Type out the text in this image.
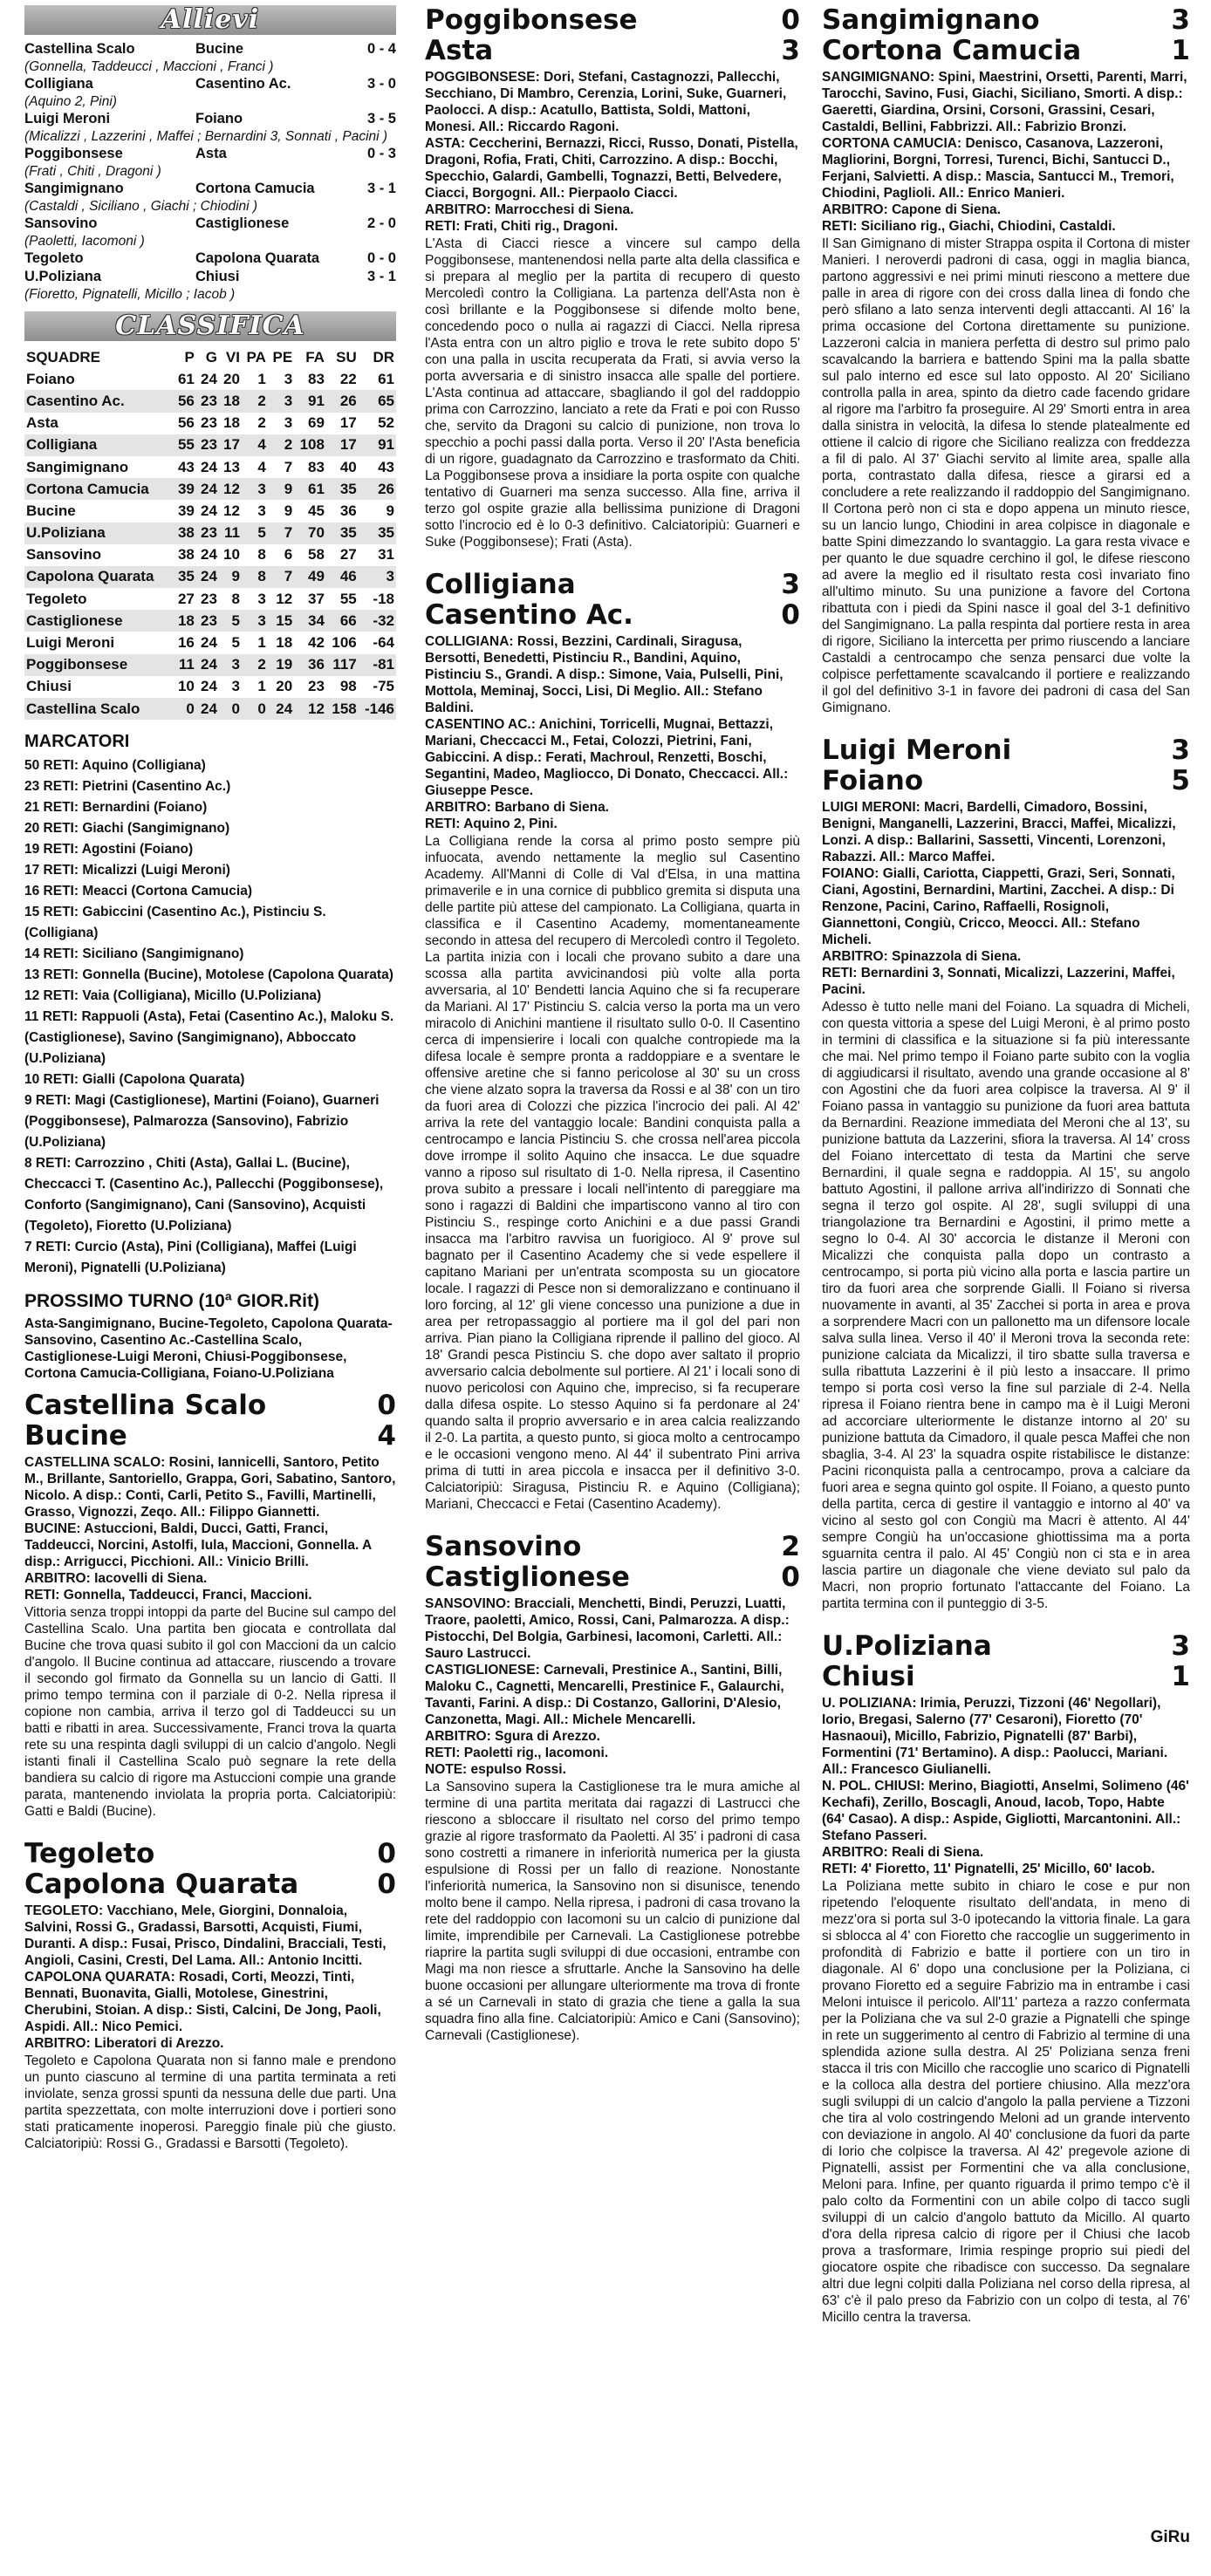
Allievi
Castellina Scalo	Bucine	0 - 4
(Gonnella, Taddeucci , Maccioni , Franci )
Colligiana	Casentino Ac.	3 - 0
(Aquino 2, Pini)
Luigi Meroni	Foiano	3 - 5
(Micalizzi , Lazzerini , Maffei ; Bernardini 3, Sonnati , Pacini )
Poggibonsese	Asta	0 - 3
(Frati , Chiti , Dragoni )
Sangimignano	Cortona Camucia	3 - 1
(Castaldi , Siciliano , Giachi ; Chiodini )
Sansovino	Castiglionese	2 - 0
(Paoletti, Iacomoni )
Tegoleto	Capolona Quarata	0 - 0
U.Poliziana	Chiusi	3 - 1
(Fioretto, Pignatelli, Micillo ; Iacob )
CLASSIFICA
SQUADRE	P	G	VI	PA	PE	FA	SU	DR
Foiano	61	24	20	1	3	83	22	61
Casentino Ac.	56	23	18	2	3	91	26	65
Asta	56	23	18	2	3	69	17	52
Colligiana	55	23	17	4	2	108	17	91
Sangimignano	43	24	13	4	7	83	40	43
Cortona Camucia	39	24	12	3	9	61	35	26
Bucine	39	24	12	3	9	45	36	9
U.Poliziana	38	23	11	5	7	70	35	35
Sansovino	38	24	10	8	6	58	27	31
Capolona Quarata	35	24	9	8	7	49	46	3
Tegoleto	27	23	8	3	12	37	55	-18
Castiglionese	18	23	5	3	15	34	66	-32
Luigi Meroni	16	24	5	1	18	42	106	-64
Poggibonsese	11	24	3	2	19	36	117	-81
Chiusi	10	24	3	1	20	23	98	-75
Castellina Scalo	0	24	0	0	24	12	158	-146
MARCATORI
50 RETI: Aquino (Colligiana)
23 RETI: Pietrini (Casentino Ac.)
21 RETI: Bernardini (Foiano)
20 RETI: Giachi (Sangimignano)
19 RETI: Agostini (Foiano)
17 RETI: Micalizzi (Luigi Meroni)
16 RETI: Meacci (Cortona Camucia)
15 RETI: Gabiccini (Casentino Ac.), Pistinciu S. (Colligiana)
14 RETI: Siciliano (Sangimignano)
13 RETI: Gonnella (Bucine), Motolese (Capolona Quarata)
12 RETI: Vaia (Colligiana), Micillo (U.Poliziana)
11 RETI: Rappuoli (Asta), Fetai (Casentino Ac.), Maloku S. (Castiglionese), Savino (Sangimignano), Abboccato (U.Poliziana)
10 RETI: Gialli (Capolona Quarata)
9 RETI: Magi (Castiglionese), Martini (Foiano), Guarneri (Poggibonsese), Palmarozza (Sansovino), Fabrizio (U.Poliziana)
8 RETI: Carrozzino , Chiti (Asta), Gallai L. (Bucine), Checcacci T. (Casentino Ac.), Pallecchi (Poggibonsese), Conforto (Sangimignano), Cani (Sansovino), Acquisti (Tegoleto), Fioretto (U.Poliziana)
7 RETI: Curcio (Asta), Pini (Colligiana), Maffei (Luigi Meroni), Pignatelli (U.Poliziana)
PROSSIMO TURNO (10ª GIOR.Rit)
Asta-Sangimignano, Bucine-Tegoleto, Capolona Quarata-Sansovino, Casentino Ac.-Castellina Scalo, Castiglionese-Luigi Meroni, Chiusi-Poggibonsese, Cortona Camucia-Colligiana, Foiano-U.Poliziana
Castellina Scalo	0
Bucine	4
CASTELLINA SCALO: Rosini, Iannicelli, Santoro, Petito M., Brillante, Santoriello, Grappa, Gori, Sabatino, Santoro, Nicolo. A disp.: Conti, Carli, Petito S., Favilli, Martinelli, Grasso, Vignozzi, Zeqo. All.: Filippo Giannetti.
BUCINE: Astuccioni, Baldi, Ducci, Gatti, Franci, Taddeucci, Norcini, Astolfi, Iula, Maccioni, Gonnella. A disp.: Arrigucci, Picchioni. All.: Vinicio Brilli.
ARBITRO: Iacovelli di Siena.
RETI: Gonnella, Taddeucci, Franci, Maccioni.
Vittoria senza troppi intoppi da parte del Bucine sul campo del Castellina Scalo. Una partita ben giocata e controllata dal Bucine che trova quasi subito il gol con Maccioni da un calcio d'angolo. Il Bucine continua ad attaccare, riuscendo a trovare il secondo gol firmato da Gonnella su un lancio di Gatti. Il primo tempo termina con il parziale di 0-2. Nella ripresa il copione non cambia, arriva il terzo gol di Taddeucci su un batti e ribatti in area. Successivamente, Franci trova la quarta rete su una respinta dagli sviluppi di un calcio d'angolo. Negli istanti finali il Castellina Scalo può segnare la rete della bandiera su calcio di rigore ma Astuccioni compie una grande parata, mantenendo inviolata la propria porta. Calciatoripiù: Gatti e Baldi (Bucine).
Tegoleto	0
Capolona Quarata	0
TEGOLETO: Vacchiano, Mele, Giorgini, Donnaloia, Salvini, Rossi G., Gradassi, Barsotti, Acquisti, Fiumi, Duranti. A disp.: Fusai, Prisco, Dindalini, Bracciali, Testi, Angioli, Casini, Cresti, Del Lama. All.: Antonio Incitti.
CAPOLONA QUARATA: Rosadi, Corti, Meozzi, Tinti, Bennati, Buonavita, Gialli, Motolese, Ginestrini, Cherubini, Stoian. A disp.: Sisti, Calcini, De Jong, Paoli, Aspidi. All.: Nico Pemici.
ARBITRO: Liberatori di Arezzo.
Tegoleto e Capolona Quarata non si fanno male e prendono un punto ciascuno al termine di una partita terminata a reti inviolate, senza grossi spunti da nessuna delle due parti. Una partita spezzettata, con molte interruzioni dove i portieri sono stati praticamente inoperosi. Pareggio finale più che giusto. Calciatoripiù: Rossi G., Gradassi e Barsotti (Tegoleto).
Poggibonsese	0
Asta	3
POGGIBONSESE: Dori, Stefani, Castagnozzi, Pallecchi, Secchiano, Di Mambro, Cerenzia, Lorini, Suke, Guarneri, Paolocci. A disp.: Acatullo, Battista, Soldi, Mattoni, Monesi. All.: Riccardo Ragoni.
ASTA: Ceccherini, Bernazzi, Ricci, Russo, Donati, Pistella, Dragoni, Rofia, Frati, Chiti, Carrozzino. A disp.: Bocchi, Specchio, Galardi, Gambelli, Tognazzi, Betti, Belvedere, Ciacci, Borgogni. All.: Pierpaolo Ciacci.
ARBITRO: Marrocchesi di Siena.
RETI: Frati, Chiti rig., Dragoni.
L'Asta di Ciacci riesce a vincere sul campo della Poggibonsese, mantenendosi nella parte alta della classifica e si prepara al meglio per la partita di recupero di questo Mercoledì contro la Colligiana. La partenza dell'Asta non è così brillante e la Poggibonsese si difende molto bene, concedendo poco o nulla ai ragazzi di Ciacci. Nella ripresa l'Asta entra con un altro piglio e trova le rete subito dopo 5' con una palla in uscita recuperata da Frati, si avvia verso la porta avversaria e di sinistro insacca alle spalle del portiere. L'Asta continua ad attaccare, sbagliando il gol del raddoppio prima con Carrozzino, lanciato a rete da Frati e poi con Russo che, servito da Dragoni su calcio di punizione, non trova lo specchio a pochi passi dalla porta. Verso il 20' l'Asta beneficia di un rigore, guadagnato da Carrozzino e trasformato da Chiti. La Poggibonsese prova a insidiare la porta ospite con qualche tentativo di Guarneri ma senza successo. Alla fine, arriva il terzo gol ospite grazie alla bellissima punizione di Dragoni sotto l'incrocio ed è lo 0-3 definitivo. Calciatoripiù: Guarneri e Suke (Poggibonsese); Frati (Asta).
Colligiana	3
Casentino Ac.	0
COLLIGIANA: Rossi, Bezzini, Cardinali, Siragusa, Bersotti, Benedetti, Pistinciu R., Bandini, Aquino, Pistinciu S., Grandi. A disp.: Simone, Vaia, Pulselli, Pini, Mottola, Meminaj, Socci, Lisi, Di Meglio. All.: Stefano Baldini.
CASENTINO AC.: Anichini, Torricelli, Mugnai, Bettazzi, Mariani, Checcacci M., Fetai, Colozzi, Pietrini, Fani, Gabiccini. A disp.: Ferati, Machroul, Renzetti, Boschi, Segantini, Madeo, Magliocco, Di Donato, Checcacci. All.: Giuseppe Pesce.
ARBITRO: Barbano di Siena.
RETI: Aquino 2, Pini.
La Colligiana rende la corsa al primo posto sempre più infuocata, avendo nettamente la meglio sul Casentino Academy. All'Manni di Colle di Val d'Elsa, in una mattina primaverile e in una cornice di pubblico gremita si disputa una delle partite più attese del campionato. La Colligiana, quarta in classifica e il Casentino Academy, momentaneamente secondo in attesa del recupero di Mercoledì contro il Tegoleto. La partita inizia con i locali che provano subito a dare una scossa alla partita avvicinandosi più volte alla porta avversaria, al 10' Bendetti lancia Aquino che si fa recuperare da Mariani. Al 17' Pistinciu S. calcia verso la porta ma un vero miracolo di Anichini mantiene il risultato sullo 0-0. Il Casentino cerca di impensierire i locali con qualche contropiede ma la difesa locale è sempre pronta a raddoppiare e a sventare le offensive aretine che si fanno pericolose al 30' su un cross che viene alzato sopra la traversa da Rossi e al 38' con un tiro da fuori area di Colozzi che pizzica l'incrocio dei pali. Al 42' arriva la rete del vantaggio locale: Bandini conquista palla a centrocampo e lancia Pistinciu S. che crossa nell'area piccola dove irrompe il solito Aquino che insacca. Le due squadre vanno a riposo sul risultato di 1-0. Nella ripresa, il Casentino prova subito a pressare i locali nell'intento di pareggiare ma sono i ragazzi di Baldini che impartiscono vanno al tiro con Pistinciu S., respinge corto Anichini e a due passi Grandi insacca ma l'arbitro ravvisa un fuorigioco. Al 9' prove sul bagnato per il Casentino Academy che si vede espellere il capitano Mariani per un'entrata scomposta su un giocatore locale. I ragazzi di Pesce non si demoralizzano e continuano il loro forcing, al 12' gli viene concesso una punizione a due in area per retropassaggio al portiere ma il gol del pari non arriva. Pian piano la Colligiana riprende il pallino del gioco. Al 18' Grandi pesca Pistinciu S. che dopo aver saltato il proprio avversario calcia debolmente sul portiere. Al 21' i locali sono di nuovo pericolosi con Aquino che, impreciso, si fa recuperare dalla difesa ospite. Lo stesso Aquino si fa perdonare al 24' quando salta il proprio avversario e in area calcia realizzando il 2-0. La partita, a questo punto, si gioca molto a centrocampo e le occasioni vengono meno. Al 44' il subentrato Pini arriva prima di tutti in area piccola e insacca per il definitivo 3-0. Calciatoripiù: Siragusa, Pistinciu R. e Aquino (Colligiana); Mariani, Checcacci e Fetai (Casentino Academy).
Sansovino	2
Castiglionese	0
SANSOVINO: Bracciali, Menchetti, Bindi, Peruzzi, Luatti, Traore, paoletti, Amico, Rossi, Cani, Palmarozza. A disp.: Pistocchi, Del Bolgia, Garbinesi, Iacomoni, Carletti. All.: Sauro Lastrucci.
CASTIGLIONESE: Carnevali, Prestinice A., Santini, Billi, Maloku C., Cagnetti, Mencarelli, Prestinice F., Galaurchi, Tavanti, Farini. A disp.: Di Costanzo, Gallorini, D'Alesio, Canzonetta, Magi. All.: Michele Mencarelli.
ARBITRO: Sgura di Arezzo.
RETI: Paoletti rig., Iacomoni.
NOTE: espulso Rossi.
La Sansovino supera la Castiglionese tra le mura amiche al termine di una partita meritata dai ragazzi di Lastrucci che riescono a sbloccare il risultato nel corso del primo tempo grazie al rigore trasformato da Paoletti. Al 35' i padroni di casa sono costretti a rimanere in inferiorità numerica per la giusta espulsione di Rossi per un fallo di reazione. Nonostante l'inferiorità numerica, la Sansovino non si disunisce, tenendo molto bene il campo. Nella ripresa, i padroni di casa trovano la rete del raddoppio con Iacomoni su un calcio di punizione dal limite, imprendibile per Carnevali. La Castiglionese potrebbe riaprire la partita sugli sviluppi di due occasioni, entrambe con Magi ma non riesce a sfruttarle. Anche la Sansovino ha delle buone occasioni per allungare ulteriormente ma trova di fronte a sé un Carnevali in stato di grazia che tiene a galla la sua squadra fino alla fine. Calciatoripiù: Amico e Cani (Sansovino); Carnevali (Castiglionese).
Sangimignano	3
Cortona Camucia	1
SANGIMIGNANO: Spini, Maestrini, Orsetti, Parenti, Marri, Tarocchi, Savino, Fusi, Giachi, Siciliano, Smorti. A disp.: Gaeretti, Giardina, Orsini, Corsoni, Grassini, Cesari, Castaldi, Bellini, Fabbrizzi. All.: Fabrizio Bronzi.
CORTONA CAMUCIA: Denisco, Casanova, Lazzeroni, Magliorini, Borgni, Torresi, Turenci, Bichi, Santucci D., Ferjani, Salvietti. A disp.: Mascia, Santucci M., Tremori, Chiodini, Paglioli. All.: Enrico Manieri.
ARBITRO: Capone di Siena.
RETI: Siciliano rig., Giachi, Chiodini, Castaldi.
Il San Gimignano di mister Strappa ospita il Cortona di mister Manieri. I neroverdi padroni di casa, oggi in maglia bianca, partono aggressivi e nei primi minuti riescono a mettere due palle in area di rigore con dei cross dalla linea di fondo che però sfilano a lato senza interventi degli attaccanti. Al 16' la prima occasione del Cortona direttamente su punizione. Lazzeroni calcia in maniera perfetta di destro sul primo palo scavalcando la barriera e battendo Spini ma la palla sbatte sul palo interno ed esce sul lato opposto. Al 20' Siciliano controlla palla in area, spinto da dietro cade facendo gridare al rigore ma l'arbitro fa proseguire. Al 29' Smorti entra in area dalla sinistra in velocità, la difesa lo stende platealmente ed ottiene il calcio di rigore che Siciliano realizza con freddezza a fil di palo. Al 37' Giachi servito al limite area, spalle alla porta, contrastato dalla difesa, riesce a girarsi ed a concludere a rete realizzando il raddoppio del Sangimignano. Il Cortona però non ci sta e dopo appena un minuto riesce, su un lancio lungo, Chiodini in area colpisce in diagonale e batte Spini dimezzando lo svantaggio. La gara resta vivace e per quanto le due squadre cerchino il gol, le difese riescono ad avere la meglio ed il risultato resta così invariato fino all'ultimo minuto. Su una punizione a favore del Cortona ribattuta con i piedi da Spini nasce il goal del 3-1 definitivo del Sangimignano. La palla respinta dal portiere resta in area di rigore, Siciliano la intercetta per primo riuscendo a lanciare Castaldi a centrocampo che senza pensarci due volte la colpisce perfettamente scavalcando il portiere e realizzando il gol del definitivo 3-1 in favore dei padroni di casa del San Gimignano.
Luigi Meroni	3
Foiano	5
LUIGI MERONI: Macri, Bardelli, Cimadoro, Bossini, Benigni, Manganelli, Lazzerini, Bracci, Maffei, Micalizzi, Lonzi. A disp.: Ballarini, Sassetti, Vincenti, Lorenzoni, Rabazzi. All.: Marco Maffei.
FOIANO: Gialli, Cariotta, Ciappetti, Grazi, Seri, Sonnati, Ciani, Agostini, Bernardini, Martini, Zacchei. A disp.: Di Renzone, Pacini, Carino, Raffaelli, Rosignoli, Giannettoni, Congiù, Cricco, Meocci. All.: Stefano Micheli.
ARBITRO: Spinazzola di Siena.
RETI: Bernardini 3, Sonnati, Micalizzi, Lazzerini, Maffei, Pacini.
Adesso è tutto nelle mani del Foiano. La squadra di Micheli, con questa vittoria a spese del Luigi Meroni, è al primo posto in termini di classifica e la situazione si fa più interessante che mai. Nel primo tempo il Foiano parte subito con la voglia di aggiudicarsi il risultato, avendo una grande occasione al 8' con Agostini che da fuori area colpisce la traversa. Al 9' il Foiano passa in vantaggio su punizione da fuori area battuta da Bernardini. Reazione immediata del Meroni che al 13', su punizione battuta da Lazzerini, sfiora la traversa. Al 14' cross del Foiano intercettato di testa da Martini che serve Bernardini, il quale segna e raddoppia. Al 15', su angolo battuto Agostini, il pallone arriva all'indirizzo di Sonnati che segna il terzo gol ospite. Al 28', sugli sviluppi di una triangolazione tra Bernardini e Agostini, il primo mette a segno lo 0-4. Al 30' accorcia le distanze il Meroni con Micalizzi che conquista palla dopo un contrasto a centrocampo, si porta più vicino alla porta e lascia partire un tiro da fuori area che sorprende Gialli. Il Foiano si riversa nuovamente in avanti, al 35' Zacchei si porta in area e prova a sorprendere Macri con un pallonetto ma un difensore locale salva sulla linea. Verso il 40' il Meroni trova la seconda rete: punizione calciata da Micalizzi, il tiro sbatte sulla traversa e sulla ribattuta Lazzerini è il più lesto a insaccare. Il primo tempo si porta così verso la fine sul parziale di 2-4. Nella ripresa il Foiano rientra bene in campo ma è il Luigi Meroni ad accorciare ulteriormente le distanze intorno al 20' su punizione battuta da Cimadoro, il quale pesca Maffei che non sbaglia, 3-4. Al 23' la squadra ospite ristabilisce le distanze: Pacini riconquista palla a centrocampo, prova a calciare da fuori area e segna quinto gol ospite. Il Foiano, a questo punto della partita, cerca di gestire il vantaggio e intorno al 40' va vicino al sesto gol con Congiù ma Macri è attento. Al 44' sempre Congiù ha un'occasione ghiottissima ma a porta sguarnita centra il palo. Al 45' Congiù non ci sta e in area lascia partire un diagonale che viene deviato sul palo da Macri, non proprio fortunato l'attaccante del Foiano. La partita termina con il punteggio di 3-5.
U.Poliziana	3
Chiusi	1
U. POLIZIANA: Irimia, Peruzzi, Tizzoni (46' Negollari), Iorio, Bregasi, Salerno (77' Cesaroni), Fioretto (70' Hasnaoui), Micillo, Fabrizio, Pignatelli (87' Barbi), Formentini (71' Bertamino). A disp.: Paolucci, Mariani. All.: Francesco Giulianelli.
N. POL. CHIUSI: Merino, Biagiotti, Anselmi, Solimeno (46' Kechafi), Zerillo, Boscagli, Anoud, Iacob, Topo, Habte (64' Casao). A disp.: Aspide, Gigliotti, Marcantonini. All.: Stefano Passeri.
ARBITRO: Reali di Siena.
RETI: 4' Fioretto, 11' Pignatelli, 25' Micillo, 60' Iacob.
La Poliziana mette subito in chiaro le cose e pur non ripetendo l'eloquente risultato dell'andata, in meno di mezz'ora si porta sul 3-0 ipotecando la vittoria finale. La gara si sblocca al 4' con Fioretto che raccoglie un suggerimento in profondità di Fabrizio e batte il portiere con un tiro in diagonale. Al 6' dopo una conclusione per la Poliziana, ci provano Fioretto ed a seguire Fabrizio ma in entrambe i casi Meloni intuisce il pericolo. All'11' parteza a razzo confermata per la Poliziana che va sul 2-0 grazie a Pignatelli che spinge in rete un suggerimento al centro di Fabrizio al termine di una splendida azione sulla destra. Al 25' Poliziana senza freni stacca il tris con Micillo che raccoglie uno scarico di Pignatelli e la colloca alla destra del portiere chiusino. Alla mezz'ora sugli sviluppi di un calcio d'angolo la palla perviene a Tizzoni che tira al volo costringendo Meloni ad un grande intervento con deviazione in angolo. Al 40' conclusione da fuori da parte di Iorio che colpisce la traversa. Al 42' pregevole azione di Pignatelli, assist per Formentini che va alla conclusione, Meloni para. Infine, per quanto riguarda il primo tempo c'è il palo colto da Formentini con un abile colpo di tacco sugli sviluppi di un calcio d'angolo battuto da Micillo. Al quarto d'ora della ripresa calcio di rigore per il Chiusi che Iacob prova a trasformare, Irimia respinge proprio sui piedi del giocatore ospite che ribadisce con successo. Da segnalare altri due legni colpiti dalla Poliziana nel corso della ripresa, al 63' c'è il palo preso da Fabrizio con un colpo di testa, al 76' Micillo centra la traversa.
GiRu
